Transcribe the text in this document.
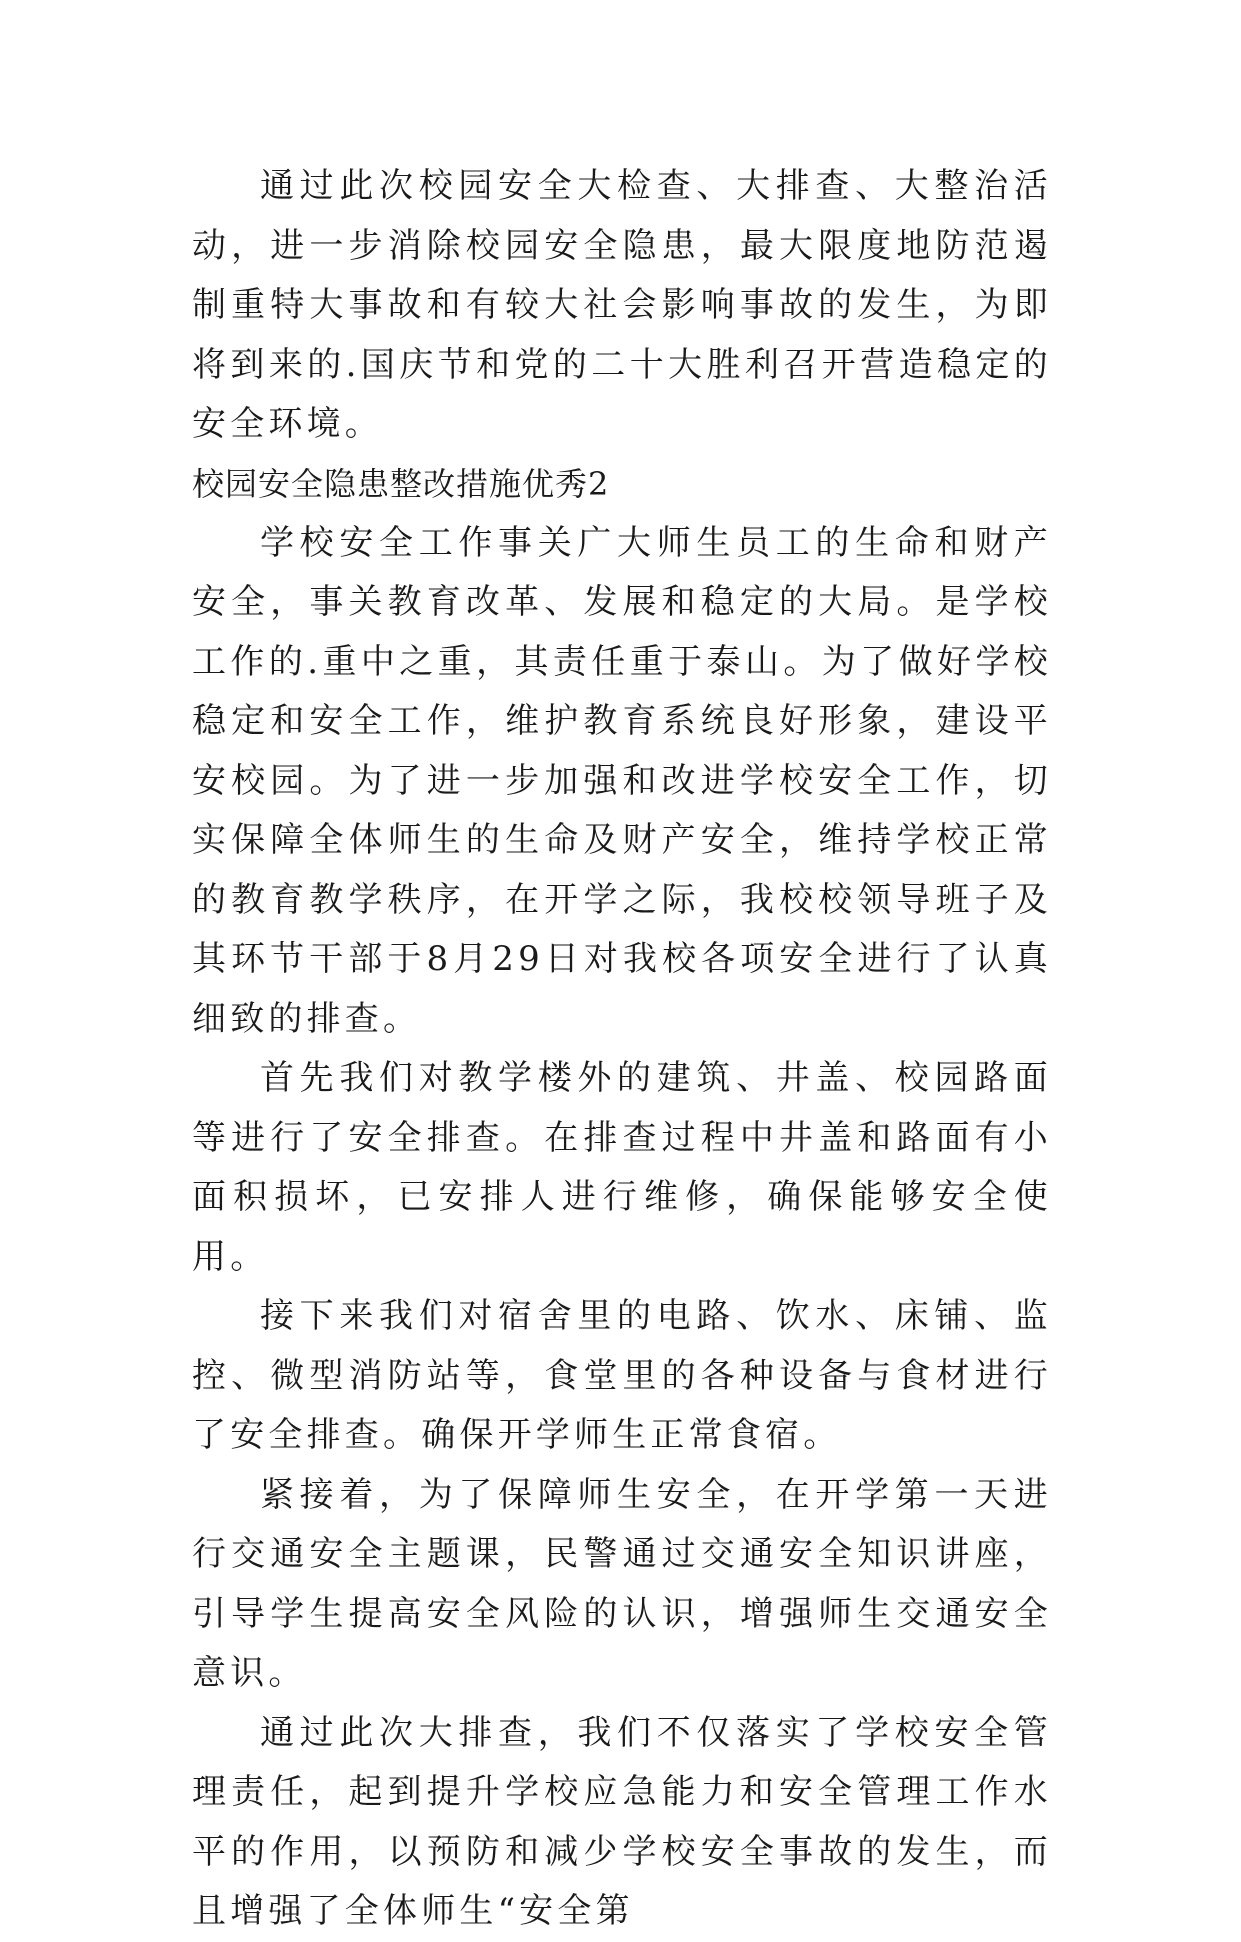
通过此次校园安全大检查、大排查、大整治活动，进一步消除校园安全隐患，最大限度地防范遏制重特大事故和有较大社会影响事故的发生，为即将到来的.国庆节和党的二十大胜利召开营造稳定的安全环境。

校园安全隐患整改措施优秀2

学校安全工作事关广大师生员工的生命和财产安全，事关教育改革、发展和稳定的大局。是学校工作的.重中之重，其责任重于泰山。为了做好学校稳定和安全工作，维护教育系统良好形象，建设平安校园。为了进一步加强和改进学校安全工作，切实保障全体师生的生命及财产安全，维持学校正常的教育教学秩序，在开学之际，我校校领导班子及其环节干部于8月29日对我校各项安全进行了认真细致的排查。

首先我们对教学楼外的建筑、井盖、校园路面等进行了安全排查。在排查过程中井盖和路面有小面积损坏，已安排人进行维修，确保能够安全使用。

接下来我们对宿舍里的电路、饮水、床铺、监控、微型消防站等，食堂里的各种设备与食材进行了安全排查。确保开学师生正常食宿。

紧接着，为了保障师生安全，在开学第一天进行交通安全主题课，民警通过交通安全知识讲座，引导学生提高安全风险的认识，增强师生交通安全意识。

通过此次大排查，我们不仅落实了学校安全管理责任，起到提升学校应急能力和安全管理工作水平的作用，以预防和减少学校安全事故的发生，而且增强了全体师生“安全第
